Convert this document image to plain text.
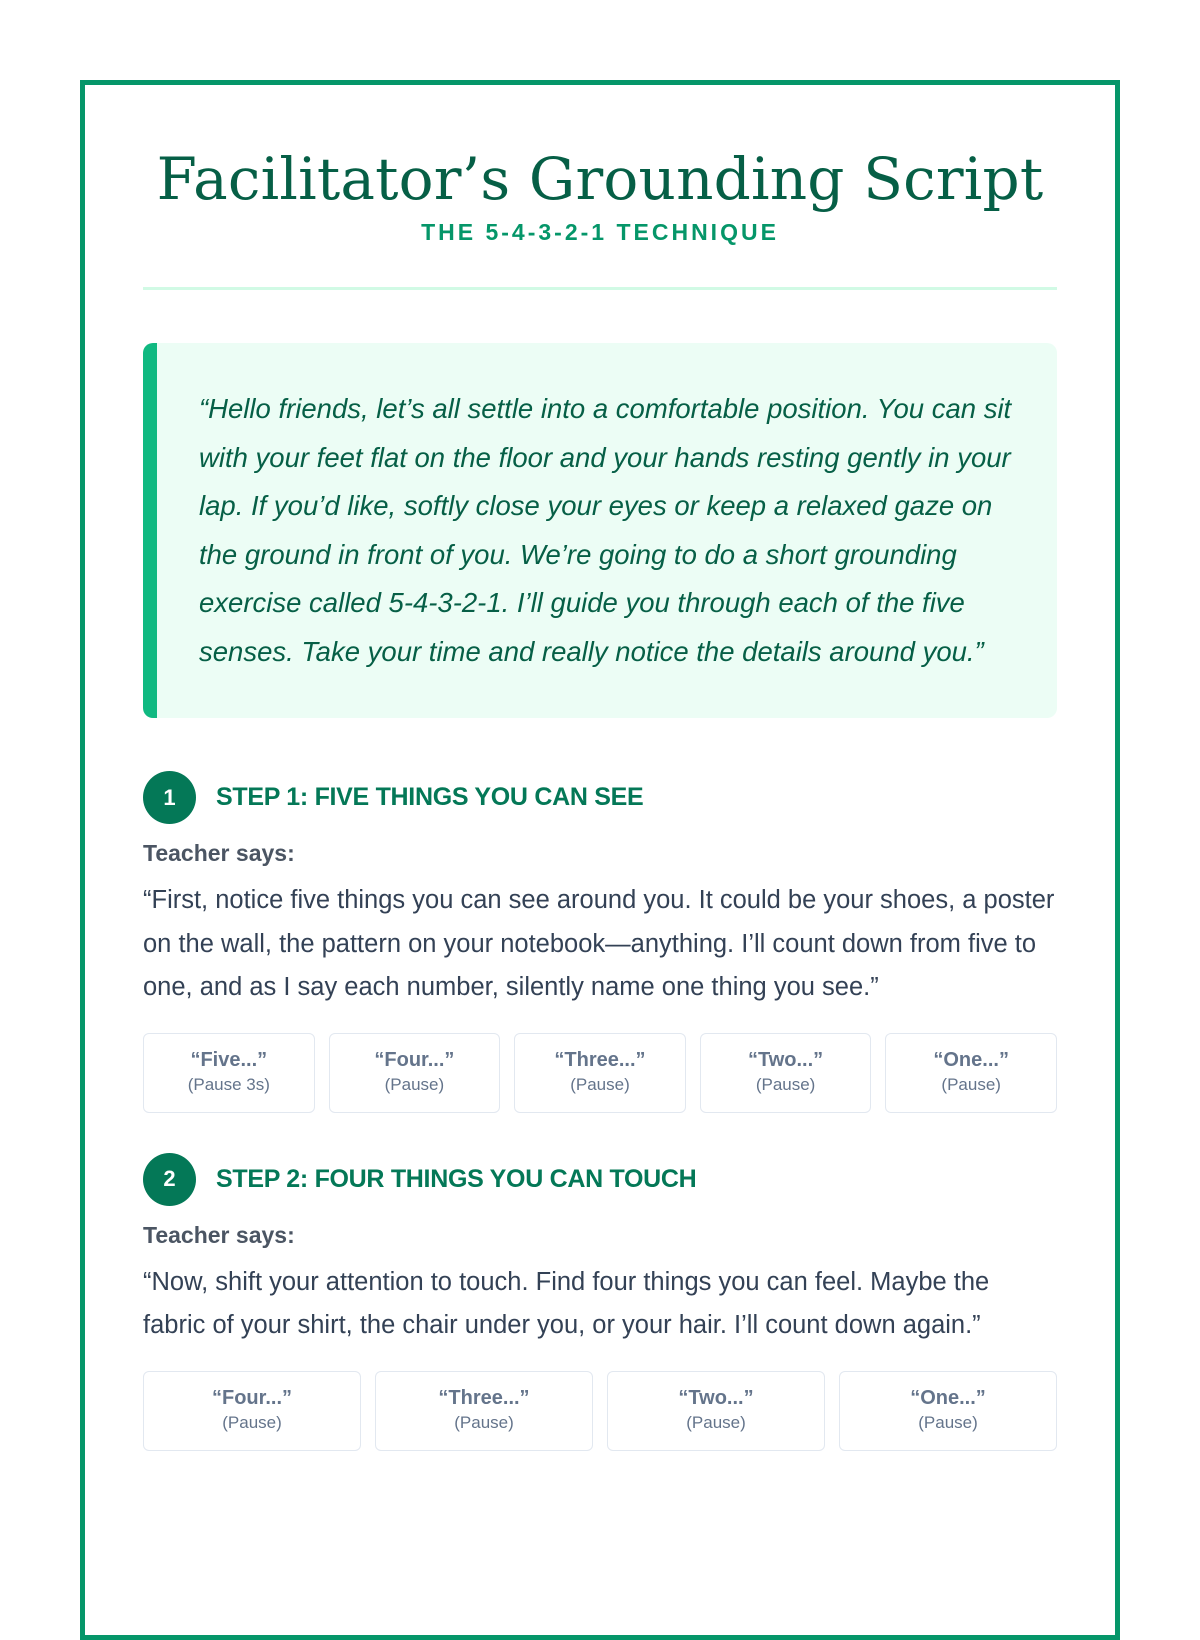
Facilitator’s Grounding Script
THE 5-4-3-2-1 TECHNIQUE
“Hello friends, let’s all settle into a comfortable position. You can sit with your feet flat on the floor and your hands resting gently in your lap. If you’d like, softly close your eyes or keep a relaxed gaze on the ground in front of you. We’re going to do a short grounding exercise called 5-4-3-2-1. I’ll guide you through each of the five senses. Take your time and really notice the details around you.”
1	STEP 1: FIVE THINGS YOU CAN SEE
Teacher says:
“First, notice five things you can see around you. It could be your shoes, a poster on the wall, the pattern on your notebook—anything. I’ll count down from five to one, and as I say each number, silently name one thing you see.”
“Five...”
(Pause 3s)
“Four...”
(Pause)
“Three...”
(Pause)
“Two...”
(Pause)
“One...”
(Pause)
2	STEP 2: FOUR THINGS YOU CAN TOUCH
Teacher says:
“Now, shift your attention to touch. Find four things you can feel. Maybe the fabric of your shirt, the chair under you, or your hair. I’ll count down again.”
“Four...”
(Pause)
“Three...”
(Pause)
“Two...”
(Pause)
“One...”
(Pause)
